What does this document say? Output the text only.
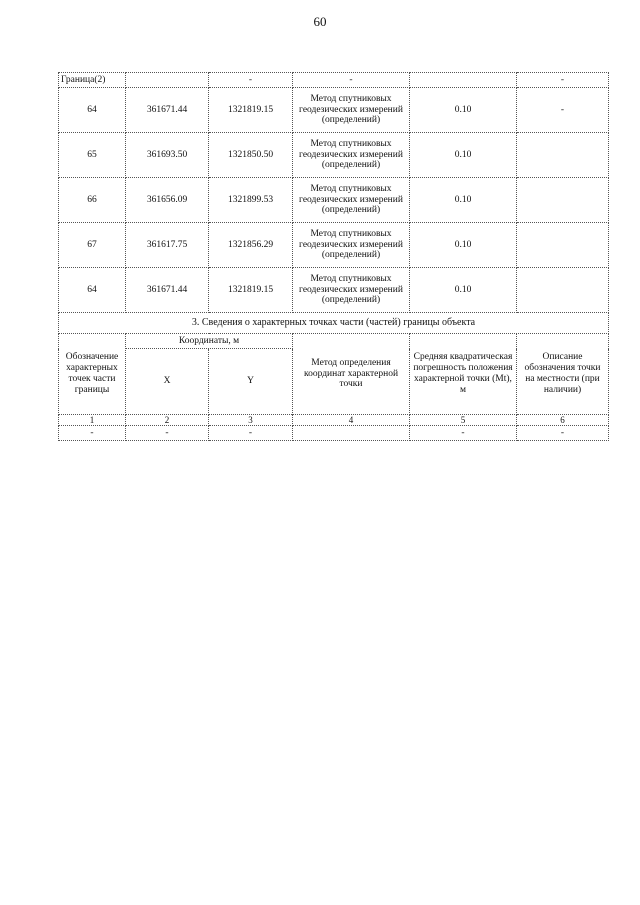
60
Граница(2)		-	-		-
64	361671.44	1321819.15	Метод спутниковых геодезических измерений (определений)	0.10	-
65	361693.50	1321850.50	Метод спутниковых геодезических измерений (определений)	0.10	
66	361656.09	1321899.53	Метод спутниковых геодезических измерений (определений)	0.10	
67	361617.75	1321856.29	Метод спутниковых геодезических измерений (определений)	0.10	
64	361671.44	1321819.15	Метод спутниковых геодезических измерений (определений)	0.10	
3. Сведения о характерных точках части (частей) границы объекта					
Обозначение характерных точек части границы	Координаты, м		Метод определения координат характерной точки	Средняя квадратическая погрешность положения характерной точки (Mt), м	Описание обозначения точки на местности (при наличии)
	X	Y			
1	2	3	4	5	6
-	-	-		-	-
